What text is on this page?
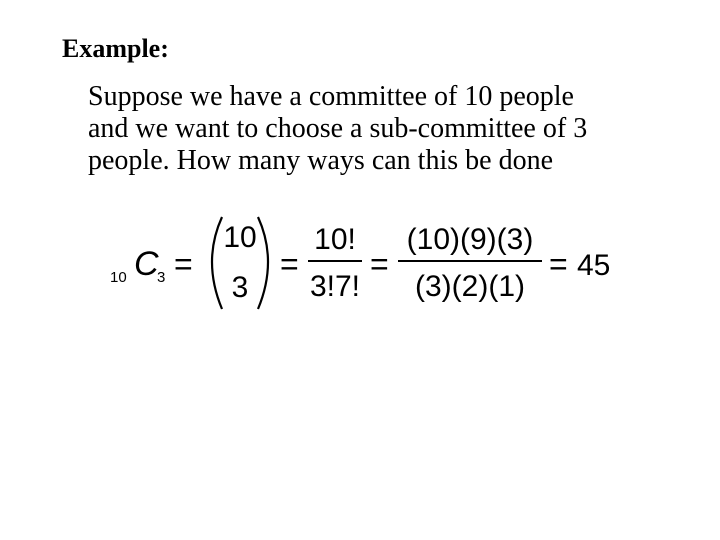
Example:
Suppose we have a committee of 10 people
and we want to choose a sub-committee of 3
people. How many ways can this be done
10 C
3 =
10
3
=
10!
3!7!
=
(10)(9)(3)
(3)(2)(1)
= 45
